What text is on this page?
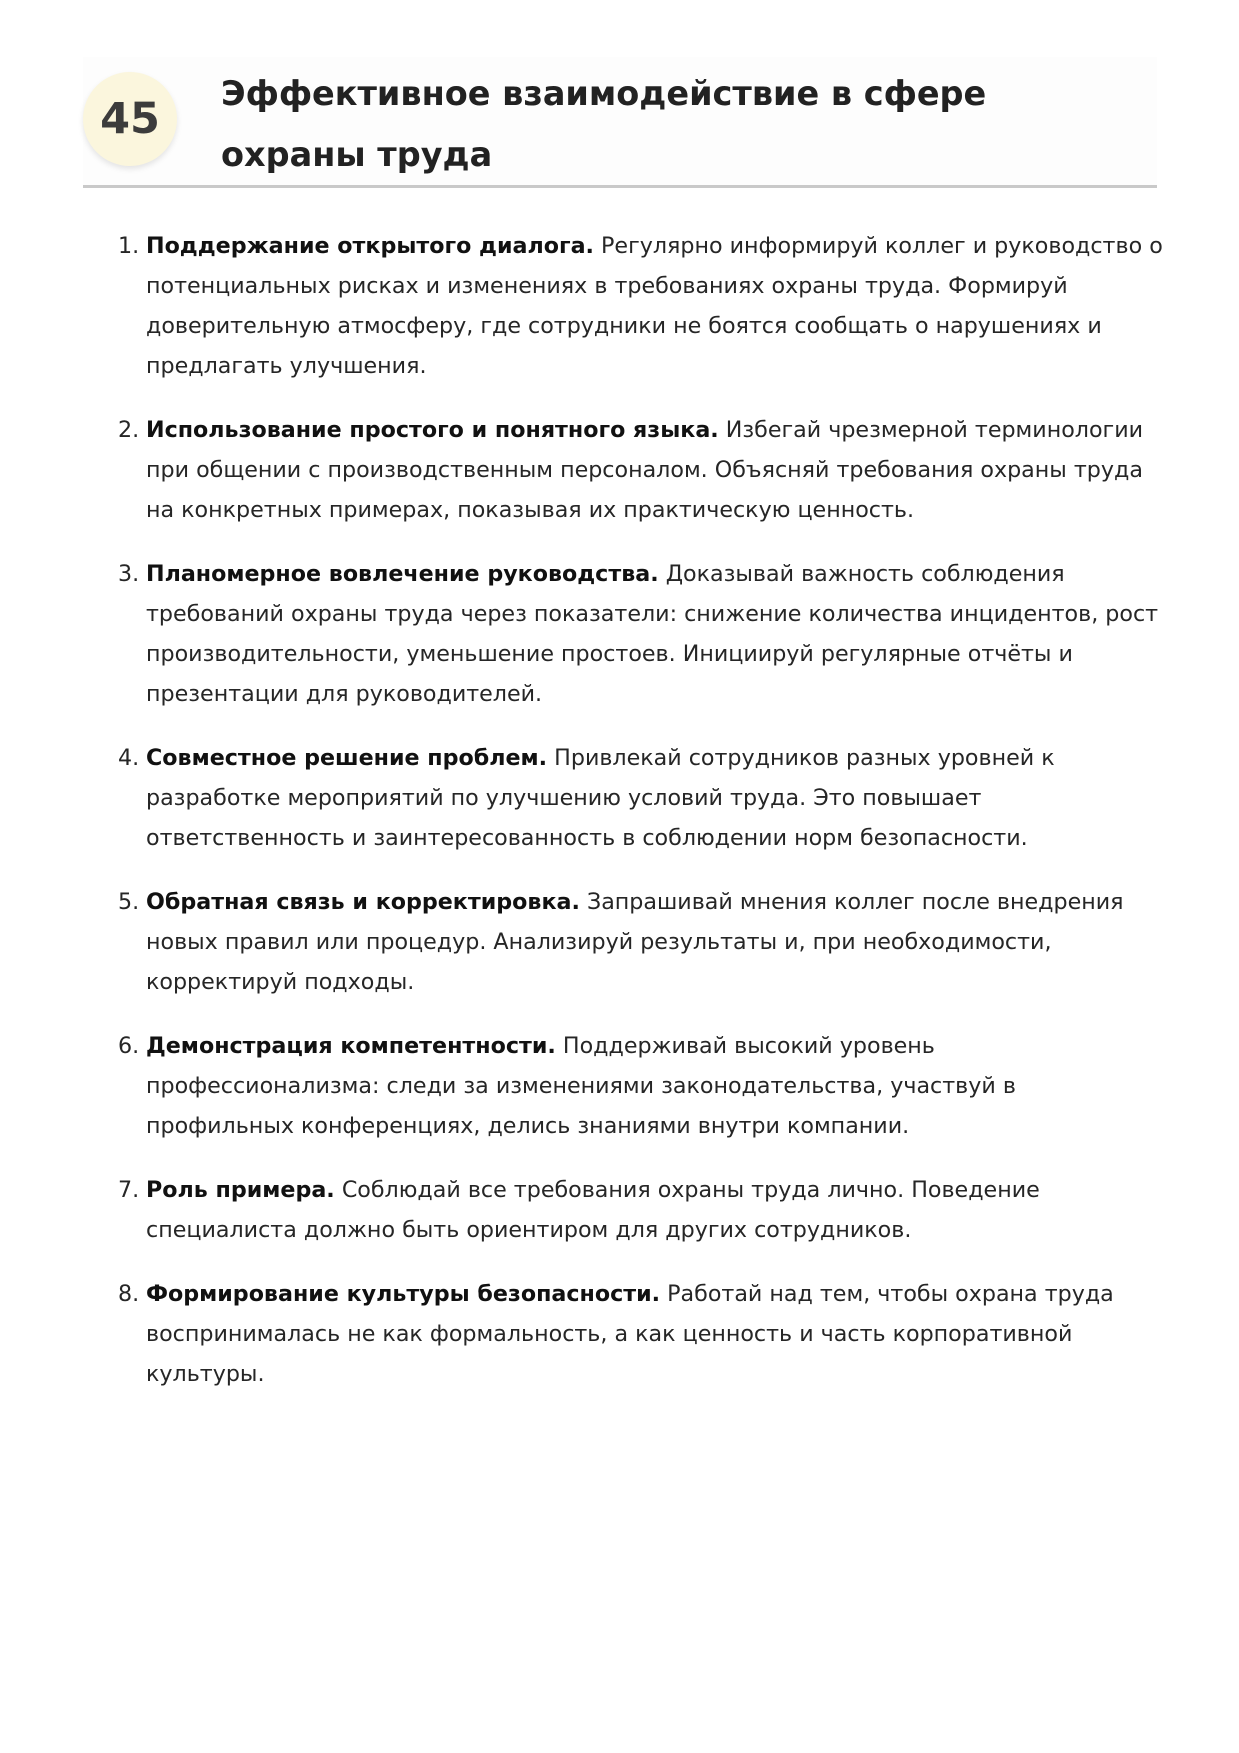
45
Эффективное взаимодействие в сфере охраны труда
1. Поддержание открытого диалога. Регулярно информируй коллег и руководство о потенциальных рисках и изменениях в требованиях охраны труда. Формируй доверительную атмосферу, где сотрудники не боятся сообщать о нарушениях и предлагать улучшения.
2. Использование простого и понятного языка. Избегай чрезмерной терминологии при общении с производственным персоналом. Объясняй требования охраны труда на конкретных примерах, показывая их практическую ценность.
3. Планомерное вовлечение руководства. Доказывай важность соблюдения требований охраны труда через показатели: снижение количества инцидентов, рост производительности, уменьшение простоев. Инициируй регулярные отчёты и презентации для руководителей.
4. Совместное решение проблем. Привлекай сотрудников разных уровней к разработке мероприятий по улучшению условий труда. Это повышает ответственность и заинтересованность в соблюдении норм безопасности.
5. Обратная связь и корректировка. Запрашивай мнения коллег после внедрения новых правил или процедур. Анализируй результаты и, при необходимости, корректируй подходы.
6. Демонстрация компетентности. Поддерживай высокий уровень профессионализма: следи за изменениями законодательства, участвуй в профильных конференциях, делись знаниями внутри компании.
7. Роль примера. Соблюдай все требования охраны труда лично. Поведение специалиста должно быть ориентиром для других сотрудников.
8. Формирование культуры безопасности. Работай над тем, чтобы охрана труда воспринималась не как формальность, а как ценность и часть корпоративной культуры.
